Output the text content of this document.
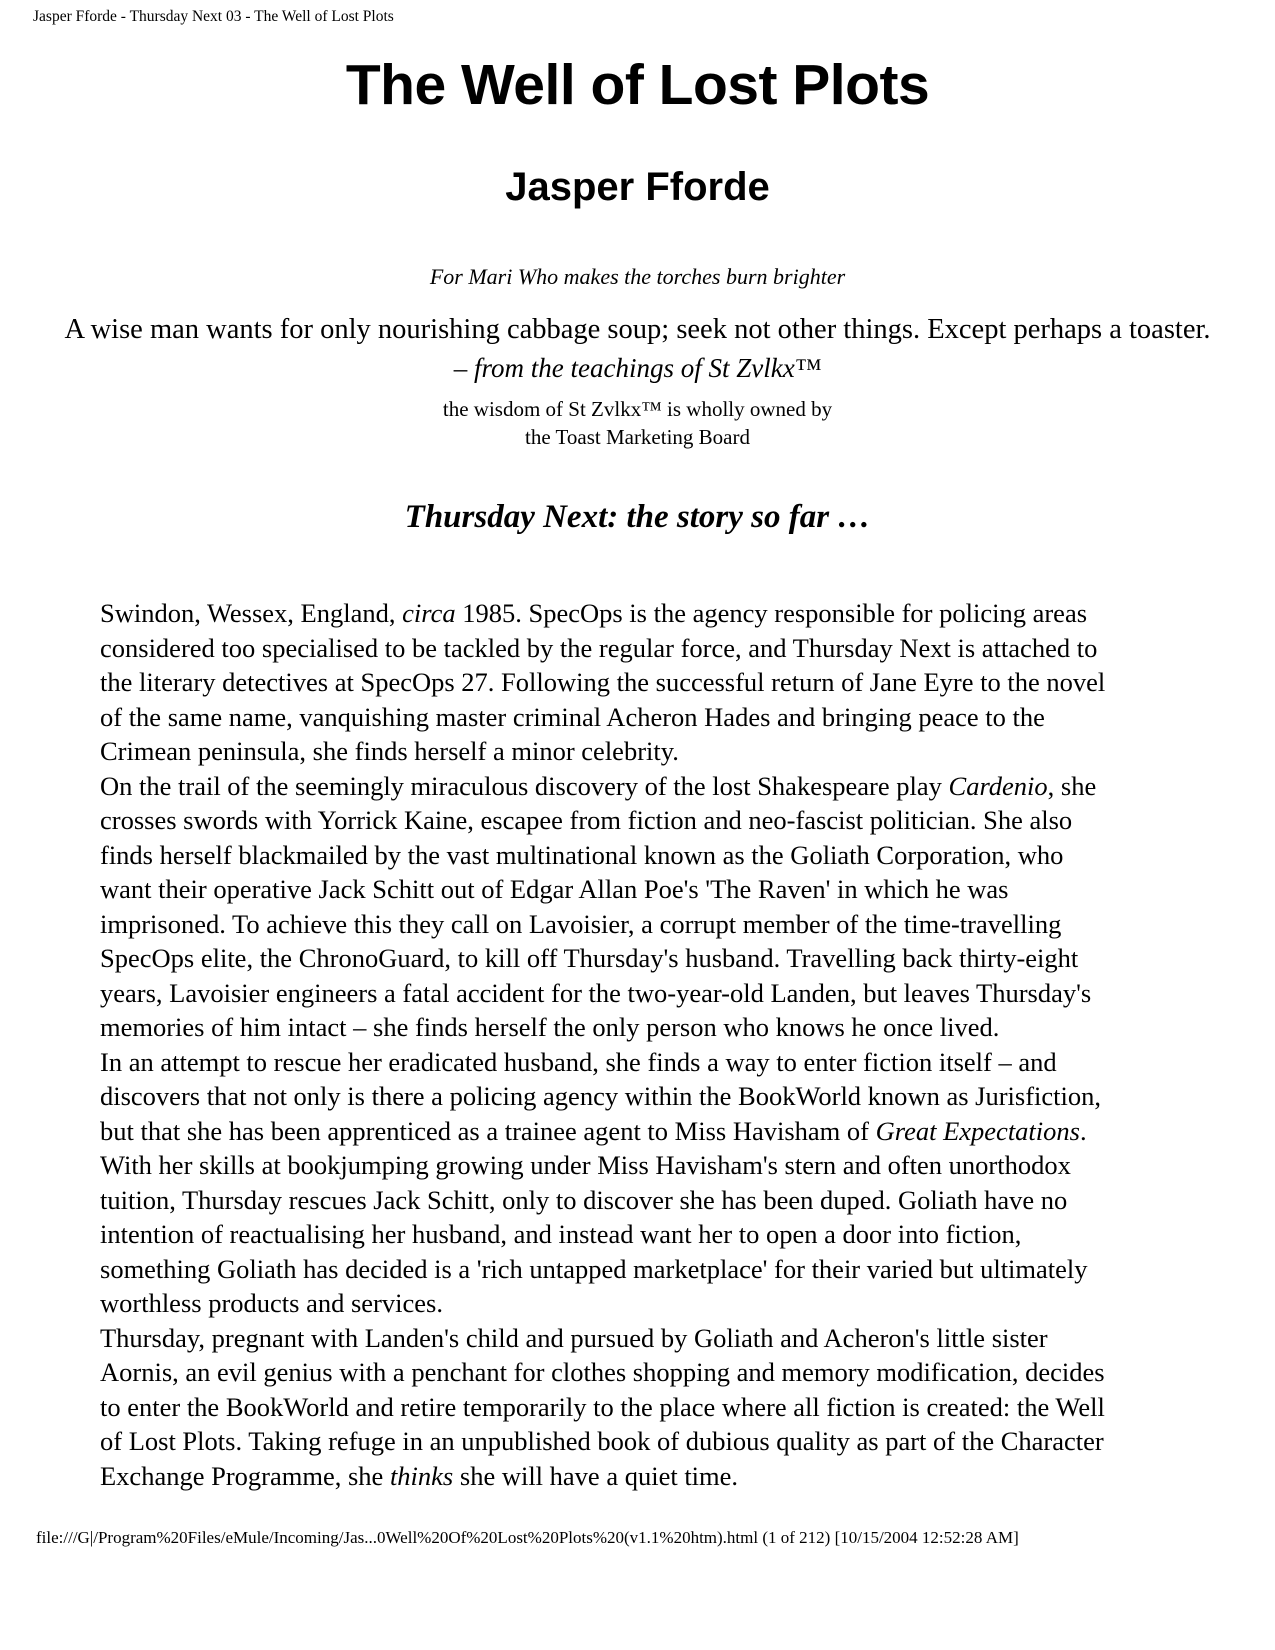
Jasper Fforde - Thursday Next 03 - The Well of Lost Plots
The Well of Lost Plots
Jasper Fforde

For Mari Who makes the torches burn brighter

A wise man wants for only nourishing cabbage soup; seek not other things. Except perhaps a toaster.

– from the teachings of St Zvlkx™

the wisdom of St Zvlkx™ is wholly owned by
the Toast Marketing Board

Thursday Next: the story so far …

Swindon, Wessex, England, circa 1985. SpecOps is the agency responsible for policing areas considered too specialised to be tackled by the regular force, and Thursday Next is attached to the literary detectives at SpecOps 27. Following the successful return of Jane Eyre to the novel of the same name, vanquishing master criminal Acheron Hades and bringing peace to the Crimean peninsula, she finds herself a minor celebrity.

On the trail of the seemingly miraculous discovery of the lost Shakespeare play Cardenio, she crosses swords with Yorrick Kaine, escapee from fiction and neo-fascist politician. She also finds herself blackmailed by the vast multinational known as the Goliath Corporation, who want their operative Jack Schitt out of Edgar Allan Poe's 'The Raven' in which he was imprisoned. To achieve this they call on Lavoisier, a corrupt member of the time-travelling SpecOps elite, the ChronoGuard, to kill off Thursday's husband. Travelling back thirty-eight years, Lavoisier engineers a fatal accident for the two-year-old Landen, but leaves Thursday's memories of him intact – she finds herself the only person who knows he once lived.

In an attempt to rescue her eradicated husband, she finds a way to enter fiction itself – and discovers that not only is there a policing agency within the BookWorld known as Jurisfiction, but that she has been apprenticed as a trainee agent to Miss Havisham of Great Expectations. With her skills at bookjumping growing under Miss Havisham's stern and often unorthodox tuition, Thursday rescues Jack Schitt, only to discover she has been duped. Goliath have no intention of reactualising her husband, and instead want her to open a door into fiction, something Goliath has decided is a 'rich untapped marketplace' for their varied but ultimately worthless products and services.

Thursday, pregnant with Landen's child and pursued by Goliath and Acheron's little sister Aornis, an evil genius with a penchant for clothes shopping and memory modification, decides to enter the BookWorld and retire temporarily to the place where all fiction is created: the Well of Lost Plots. Taking refuge in an unpublished book of dubious quality as part of the Character Exchange Programme, she thinks she will have a quiet time.

file:///G|/Program%20Files/eMule/Incoming/Jas...0Well%20Of%20Lost%20Plots%20(v1.1%20htm).html (1 of 212) [10/15/2004 12:52:28 AM]
